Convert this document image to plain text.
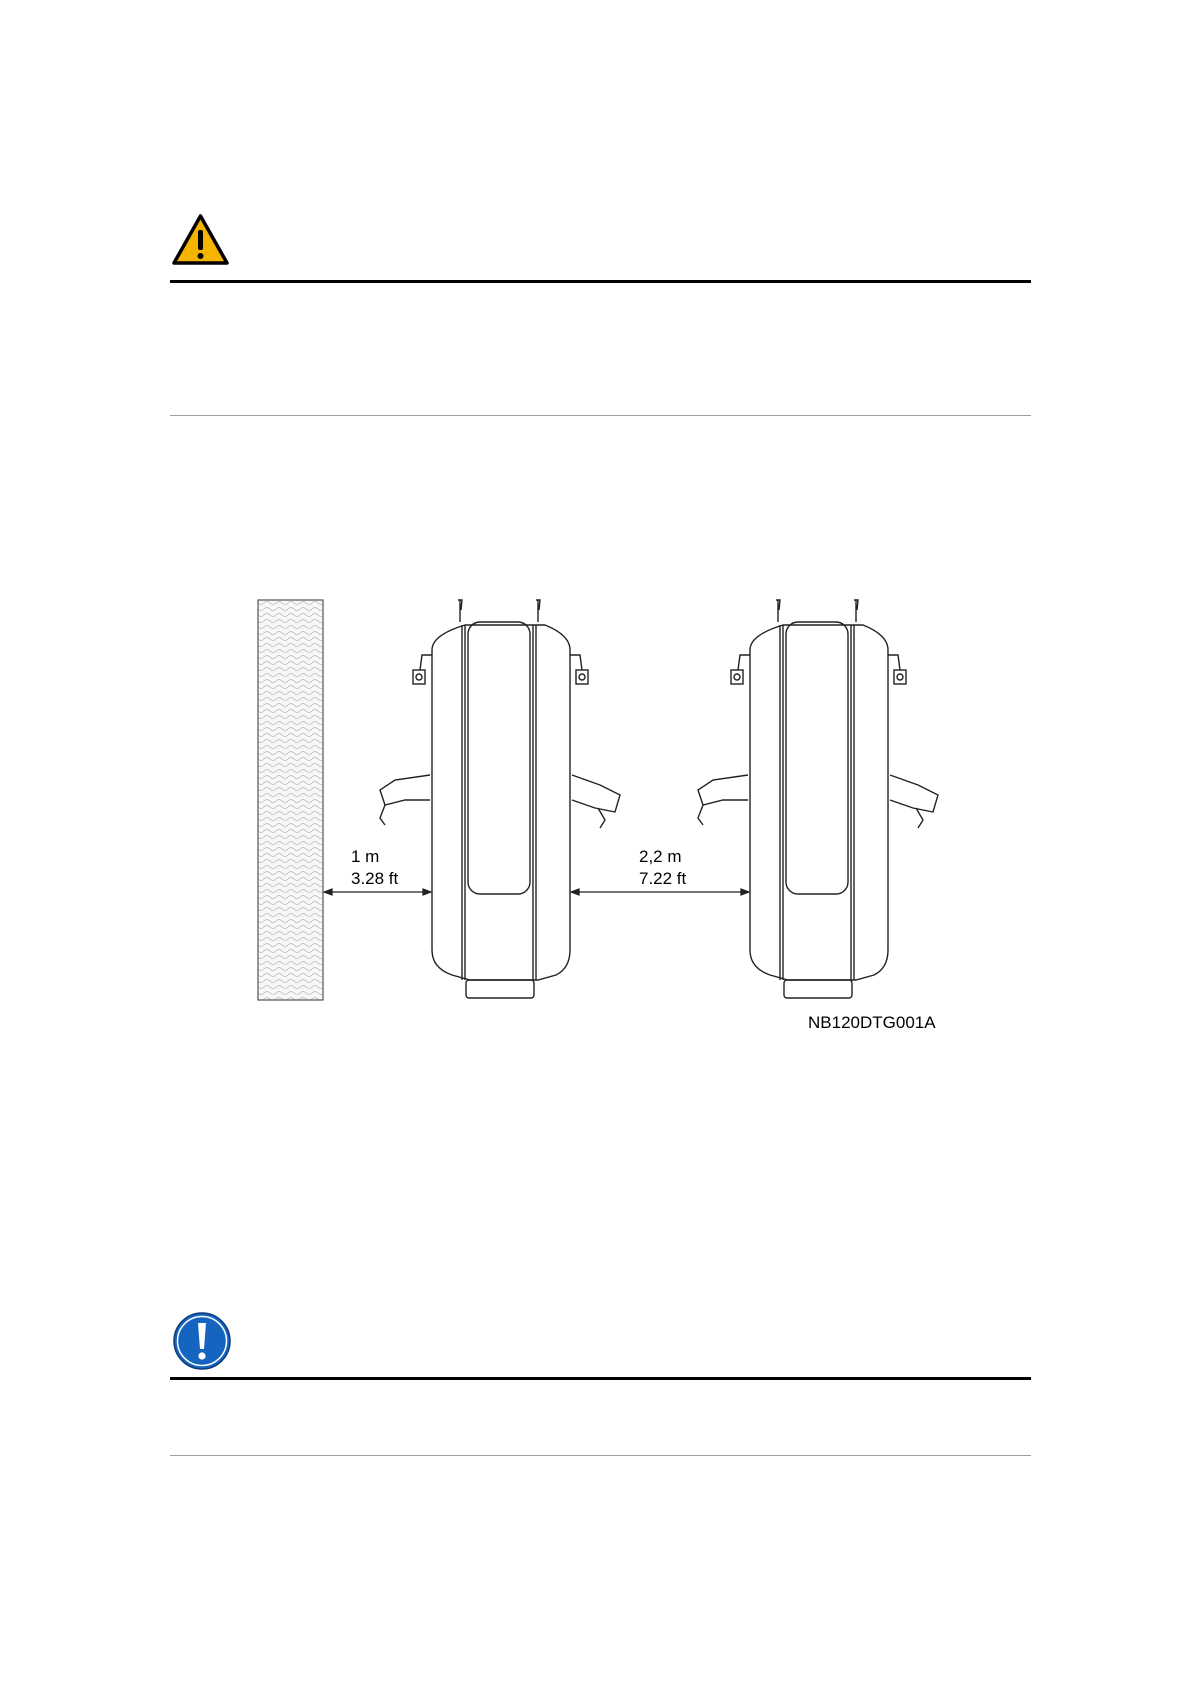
1 m
3.28 ft
2,2 m
7.22 ft
NB120DTG001A
